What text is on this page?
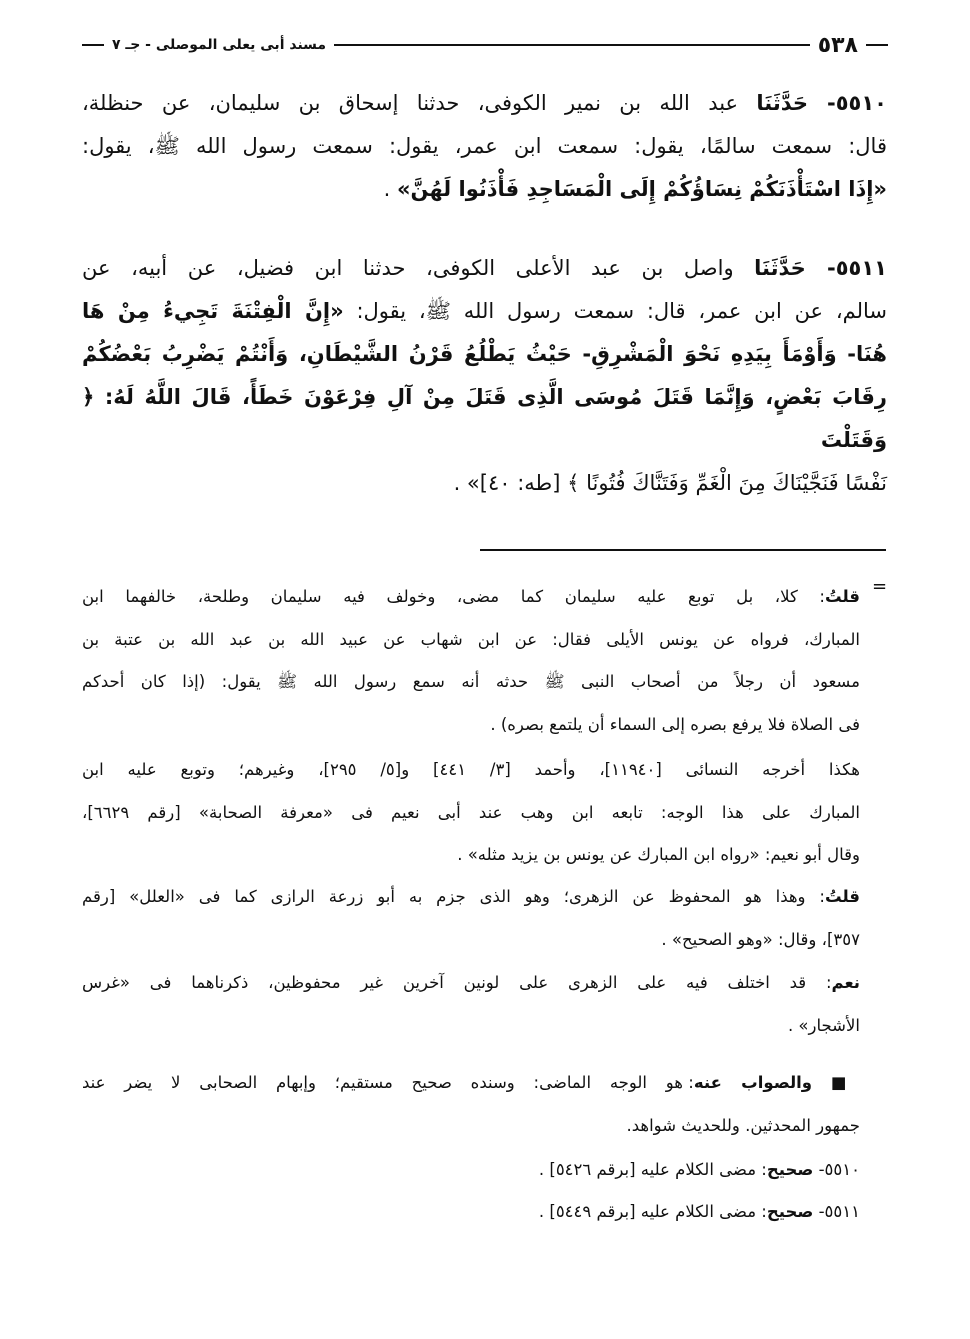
٥٣٨
مسند أبى يعلى الموصلى - جـ ٧
٥٥١٠- حَدَّثَنَا عبد الله بن نمير الكوفى، حدثنا إسحاق بن سليمان، عن حنظلة،
قال: سمعت سالمًا، يقول: سمعت ابن عمر، يقول: سمعت رسول الله ﷺ، يقول:
«إِذَا اسْتَأْذَنَكُمْ نِسَاؤُكُمْ إِلَى الْمَسَاجِدِ فَأْذَنُوا لَهُنَّ» .
٥٥١١- حَدَّثَنَا واصل بن عبد الأعلى الكوفى، حدثنا ابن فضيل، عن أبيه، عن
سالم، عن ابن عمر، قال: سمعت رسول الله ﷺ، يقول: «إِنَّ الْفِتْنَةَ تَجِيءُ مِنْ هَا
هُنَا- وَأَوْمَأَ بِيَدِهِ نَحْوَ الْمَشْرِقِ- حَيْثُ يَطْلُعُ قَرْنُ الشَّيْطَانِ، وَأَنْتُمْ يَضْرِبُ بَعْضُكُمْ
رِقَابَ بَعْضٍ، وَإِنَّمَا قَتَلَ مُوسَى الَّذِى قَتَلَ مِنْ آلِ فِرْعَوْنَ خَطَأً، قَالَ اللَّهُ لَهُ: ﴿ وَقَتَلْتَ
نَفْسًا فَنَجَّيْنَاكَ مِنَ الْغَمِّ وَفَتَنَّاكَ فُتُونًا ﴾ [طه: ٤٠]» .
=
قلتُ: كلا، بل توبع عليه سليمان كما مضى، وخولف فيه سليمان وطلحة، خالفهما ابن
المبارك، فرواه عن يونس الأيلى فقال: عن ابن شهاب عن عبيد الله بن عبد الله بن عتبة بن
مسعود أن رجلاً من أصحاب النبى ﷺ حدثه أنه سمع رسول الله ﷺ يقول: (إذا كان أحدكم
فى الصلاة فلا يرفع بصره إلى السماء أن يلتمع بصره) .
هكذا أخرجه النسائى [١١٩٤٠]، وأحمد [٣/ ٤٤١] و[٥/ ٢٩٥]، وغيرهم؛ وتوبع عليه ابن
المبارك على هذا الوجه: تابعه ابن وهب عند أبى نعيم فى «معرفة الصحابة» [رقم ٦٦٢٩]،
وقال أبو نعيم: «رواه ابن المبارك عن يونس بن يزيد مثله» .
قلتُ: وهذا هو المحفوظ عن الزهرى؛ وهو الذى جزم به أبو زرعة الرازى كما فى «العلل» [رقم
٣٥٧]، وقال: «وهو الصحيح» .
نعم: قد اختلف فيه على الزهرى على لونين آخرين غير محفوظين، ذكرناهما فى «غرس
الأشجار» .
■ والصواب عنه: هو الوجه الماضى: وسنده صحيح مستقيم؛ وإبهام الصحابى لا يضر عند
جمهور المحدثين. وللحديث شواهد.
٥٥١٠- صحيح: مضى الكلام عليه [برقم ٥٤٢٦] .
٥٥١١- صحيح: مضى الكلام عليه [برقم ٥٤٤٩] .
